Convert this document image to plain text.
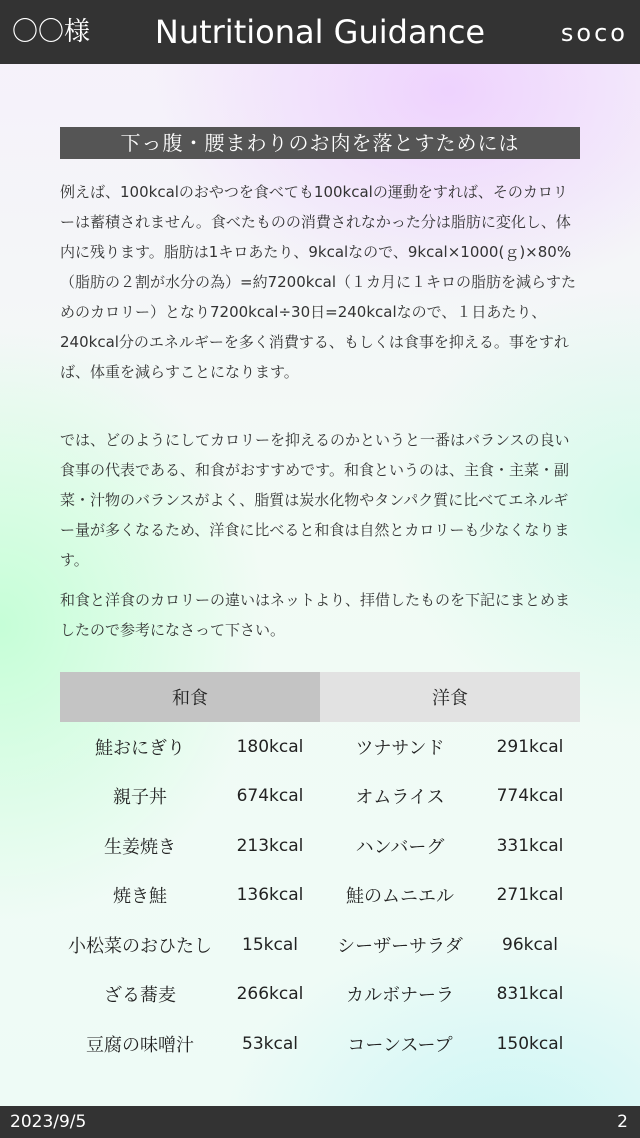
〇〇様	Nutritional Guidance	soco
下っ腹・腰まわりのお肉を落とすためには

例えば、100kcalのおやつを食べても100kcalの運動をすれば、そのカロリーは蓄積されません。食べたものの消費されなかった分は脂肪に変化し、体内に残ります。脂肪は1キロあたり、9kcalなので、9kcal×1000(ｇ)×80%（脂肪の２割が水分の為）=約7200kcal（１カ月に１キロの脂肪を減らすためのカロリー）となり7200kcal÷30日=240kcalなので、１日あたり、240kcal分のエネルギーを多く消費する、もしくは食事を抑える。事をすれば、体重を減らすことになります。

では、どのようにしてカロリーを抑えるのかというと一番はバランスの良い食事の代表である、和食がおすすめです。和食というのは、主食・主菜・副菜・汁物のバランスがよく、脂質は炭水化物やタンパク質に比べてエネルギー量が多くなるため、洋食に比べると和食は自然とカロリーも少なくなります。

和食と洋食のカロリーの違いはネットより、拝借したものを下記にまとめましたので参考になさって下さい。

和食		洋食	
鮭おにぎり	180kcal	ツナサンド	291kcal
親子丼	674kcal	オムライス	774kcal
生姜焼き	213kcal	ハンバーグ	331kcal
焼き鮭	136kcal	鮭のムニエル	271kcal
小松菜のおひたし	15kcal	シーザーサラダ	96kcal
ざる蕎麦	266kcal	カルボナーラ	831kcal
豆腐の味噌汁	53kcal	コーンスープ	150kcal
2023/9/5	2
